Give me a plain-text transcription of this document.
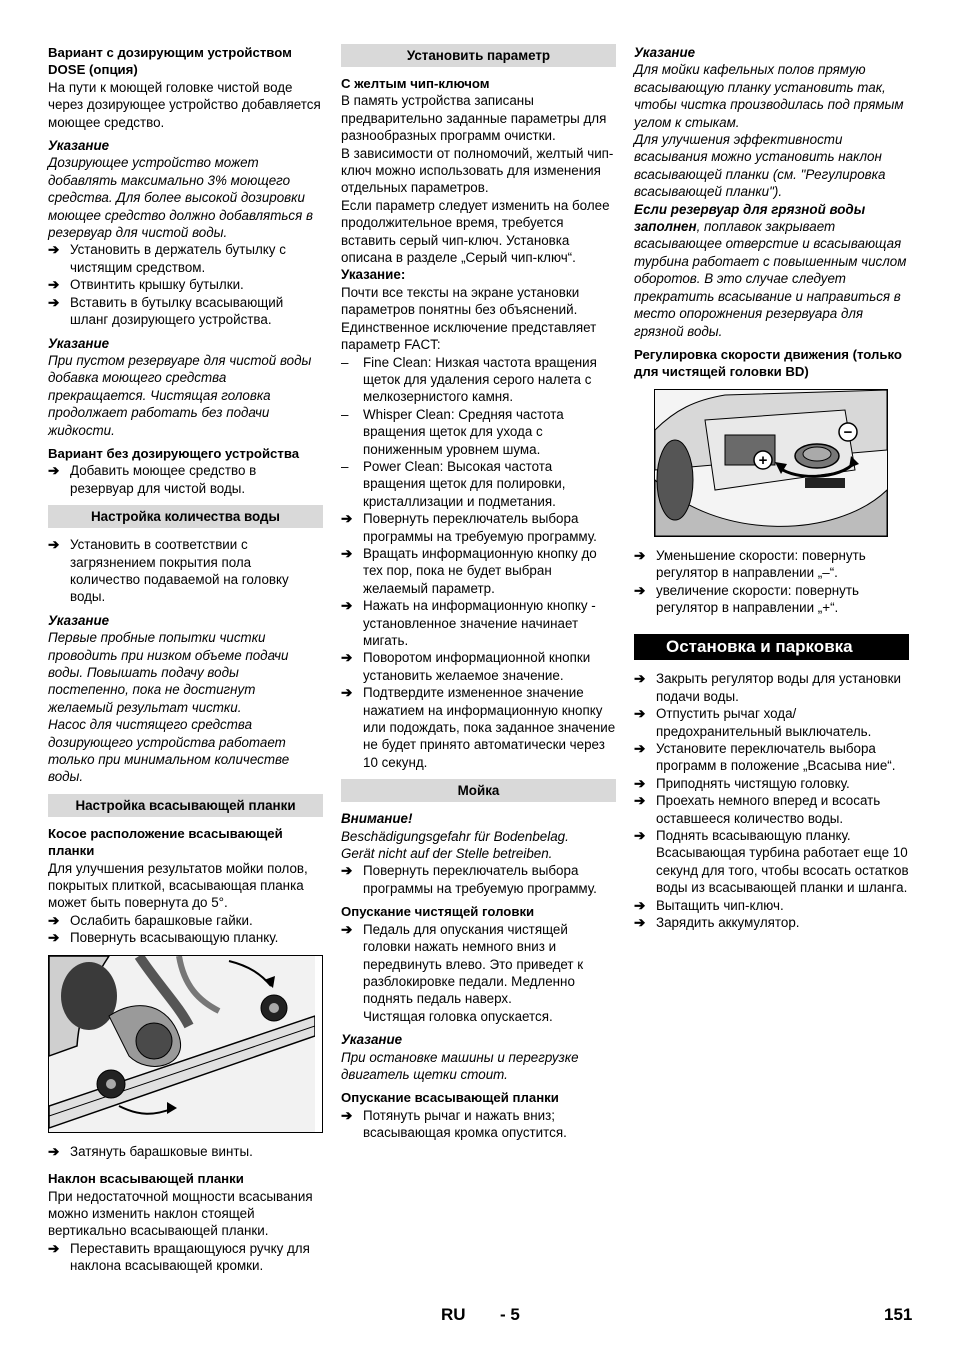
Вариант с дозирующим устройством DOSE (опция)

На пути к моющей головке чистой воде через дозирующее устройство добавляется моющее средство.

Указание

Дозирующее устройство может добавлять максимально 3% моющего средства. Для более высокой дозировки моющее средство должно добавляться в резервуар для чистой воды.

➔ Установить в держатель бутылку с чистящим средством.
➔ Отвинтить крышку бутылки.
➔ Вставить в бутылку всасывающий шланг дозирующего устройства.

Указание

При пустом резервуаре для чистой воды добавка моющего средства прекращается. Чистящая головка продолжает работать без подачи жидкости.

Вариант без дозирующего устройства

➔ Добавить моющее средство в резервуар для чистой воды.
Настройка количества воды
➔ Установить в соответствии с загрязнением покрытия пола количество подаваемой на головку воды.

Указание

Первые пробные попытки чистки проводить при низком объеме подачи воды. Повышать подачу воды постепенно, пока не достигнут желаемый результат чистки.

Насос для чистящего средства дозирующего устройства работает только при минимальном количестве воды.

Настройка всасывающей планки

Косое расположение всасывающей планки

Для улучшения результатов мойки полов, покрытых плиткой, всасывающая планка может быть повернута до 5°.

➔ Ослабить барашковые гайки.
➔ Повернуть всасывающую планку.
➔ Затянуть барашковые винты.

Наклон всасывающей планки

При недостаточной мощности всасывания можно изменить наклон стоящей вертикально всасывающей планки.

➔ Переставить вращающуюся ручку для наклона всасывающей кромки.
Установить параметр

С желтым чип-ключом

В память устройства записаны предварительно заданные параметры для разнообразных программ очистки.

В зависимости от полномочий, желтый чип-ключ можно использовать для изменения отдельных параметров.

Если параметр следует изменить на более продолжительное время, требуется вставить серый чип-ключ. Установка описана в разделе „Серый чип-ключ“.

Указание:

Почти все тексты на экране установки параметров понятны без объяснений. Единственное исключение представляет параметр FACT:

– Fine Clean: Низкая частота вращения щеток для удаления серого налета с мелкозернистого камня.
– Whisper Clean: Средняя частота вращения щеток для ухода с пониженным уровнем шума.
– Power Clean: Высокая частота вращения щеток для полировки, кристаллизации и подметания.
➔ Повернуть переключатель выбора программы на требуемую программу.
➔ Вращать информационную кнопку до тех пор, пока не будет выбран желаемый параметр.
➔ Нажать на информационную кнопку - установленное значение начинает мигать.
➔ Поворотом информационной кнопки установить желаемое значение.
➔ Подтвердите измененное значение нажатием на информационную кнопку или подождать, пока заданное значение не будет принято автоматически через 10 секунд.
Мойка

Внимание!

Beschädigungsgefahr für Bodenbelag.

Gerät nicht auf der Stelle betreiben.

➔ Повернуть переключатель выбора программы на требуемую программу.

Опускание чистящей головки

➔ Педаль для опускания чистящей головки нажать немного вниз и передвинуть влево. Это приведет к разблокировке педали. Медленно поднять педаль наверх.

Чистящая головка опускается.

Указание

При остановке машины и перегрузке двигатель щетки стоит.

Опускание всасывающей планки

➔ Потянуть рычаг и нажать вниз; всасывающая кромка опустится.

Указание

Для мойки кафельных полов прямую всасывающую планку установить так, чтобы чистка производилась под прямым углом к стыкам.

Для улучшения эффективности всасывания можно установить наклон всасывающей планки (см. "Регулировка всасывающей планки").

Если резервуар для грязной воды заполнен, поплавок закрывает всасывающее отверстие и всасывающая турбина работает с повышенным числом оборотов. В это случае следует прекратить всасывание и направиться в место опорожнения резервуара для грязной воды.

Регулировка скорости движения (только для чистящей головки BD)

+
−
➔ Уменьшение скорости: повернуть регулятор в направлении „–“.
➔ увеличение скорости: повернуть регулятор в направлении „+“.
Остановка и парковка
➔ Закрыть регулятор воды для установки подачи воды.
➔ Отпустить рычаг хода/предохранительный выключатель.
➔ Установите переключатель выбора программ в положение „Всасыва ние“.
➔ Приподнять чистящую головку.
➔ Проехать немного вперед и всосать оставшееся количество воды.
➔ Поднять всасывающую планку.

Всасывающая турбина работает еще 10 секунд для того, чтобы всосать остатков воды из всасывающей планки и шланга.

➔ Вытащить чип-ключ.
➔ Зарядить аккумулятор.
RU - 5	151
